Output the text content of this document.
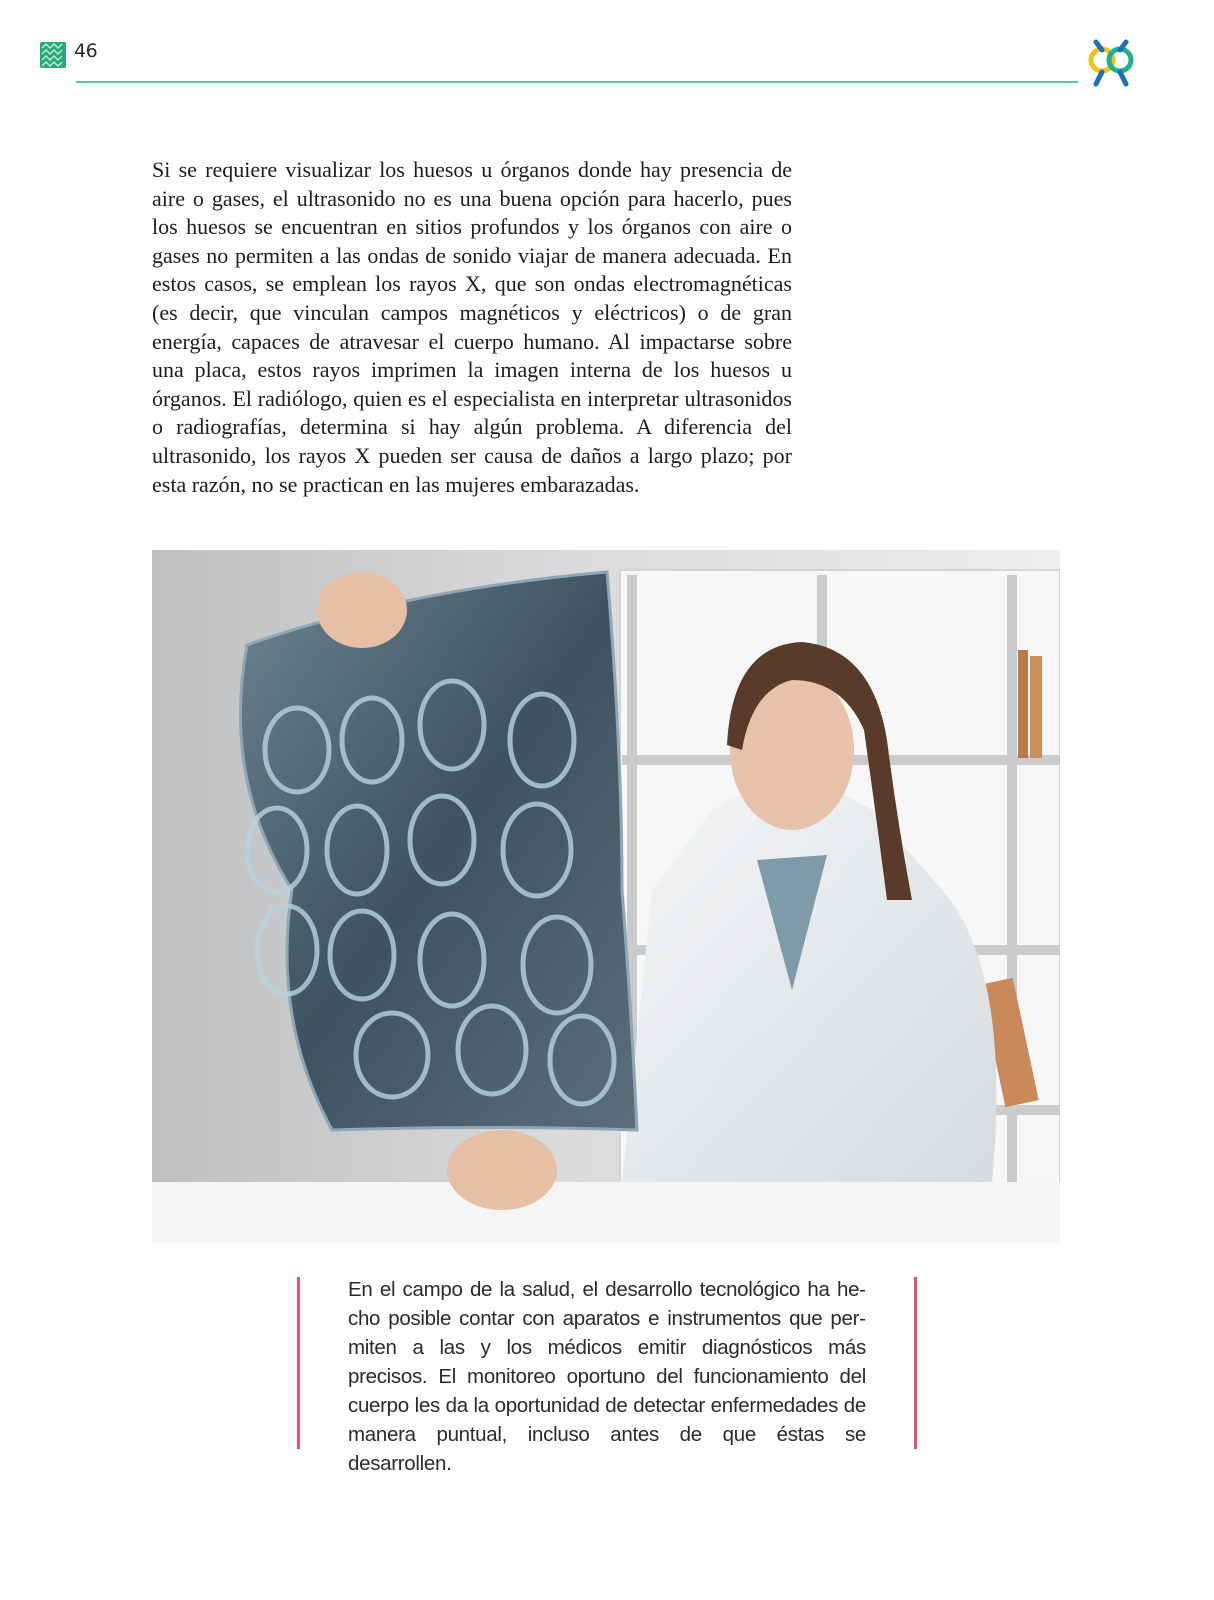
46

Si se requiere visualizar los huesos u órganos donde hay presencia de aire o gases, el ultrasonido no es una buena opción para hacerlo, pues los huesos se encuentran en sitios profundos y los órganos con aire o gases no permiten a las ondas de sonido viajar de manera adecuada. En estos casos, se emplean los rayos X, que son ondas electromagnéticas (es decir, que vinculan campos magnéticos y eléctricos) o de gran energía, capaces de atravesar el cuerpo humano. Al impactarse sobre una placa, estos rayos imprimen la imagen interna de los huesos u órganos. El radiólogo, quien es el especialista en interpretar ultrasonidos o radiografías, determina si hay algún problema. A diferencia del ultrasonido, los rayos X pueden ser causa de daños a largo plazo; por esta razón, no se practican en las mujeres embarazadas.

En el campo de la salud, el desarrollo tecnológico ha hecho posible contar con aparatos e instrumentos que permiten a las y los médicos emitir diagnósticos más precisos. El monitoreo oportuno del funcionamiento del cuerpo les da la oportunidad de detectar enfermedades de manera puntual, incluso antes de que éstas se desarrollen.
